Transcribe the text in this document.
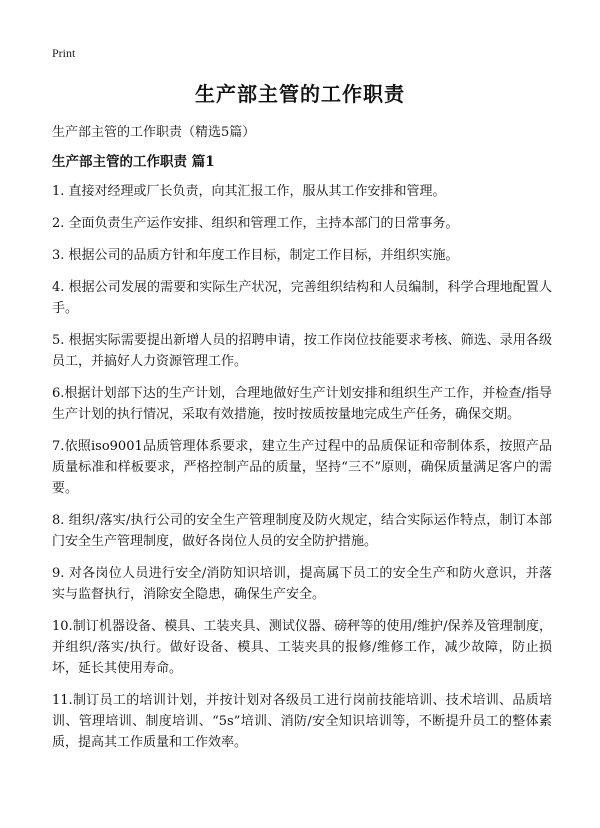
Print
生产部主管的工作职责
生产部主管的工作职责（精选5篇）
生产部主管的工作职责 篇1
1. 直接对经理或厂长负责，向其汇报工作，服从其工作安排和管理。
2. 全面负责生产运作安排、组织和管理工作，主持本部门的日常事务。
3. 根据公司的品质方针和年度工作目标，制定工作目标，并组织实施。
4. 根据公司发展的需要和实际生产状况，完善组织结构和人员编制，科学合理地配置人手。
5. 根据实际需要提出新增人员的招聘申请，按工作岗位技能要求考核、筛选、录用各级员工，并搞好人力资源管理工作。
6.根据计划部下达的生产计划，合理地做好生产计划安排和组织生产工作，并检查/指导生产计划的执行情况，采取有效措施，按时按质按量地完成生产任务，确保交期。
7.依照iso9001品质管理体系要求，建立生产过程中的品质保证和帝制体系，按照产品质量标准和样板要求，严格控制产品的质量，坚持“三不”原则，确保质量满足客户的需要。
8. 组织/落实/执行公司的安全生产管理制度及防火规定，结合实际运作特点，制订本部门安全生产管理制度，做好各岗位人员的安全防护措施。
9. 对各岗位人员进行安全/消防知识培训，提高属下员工的安全生产和防火意识，并落实与监督执行，消除安全隐患，确保生产安全。
10.制订机器设备、模具、工装夹具、测试仪器、磅秤等的使用/维护/保养及管理制度，并组织/落实/执行。做好设备、模具、工装夹具的报修/维修工作，减少故障，防止损坏，延长其使用寿命。
11.制订员工的培训计划，并按计划对各级员工进行岗前技能培训、技术培训、品质培训、管理培训、制度培训、“5s”培训、消防/安全知识培训等，不断提升员工的整体素质，提高其工作质量和工作效率。
